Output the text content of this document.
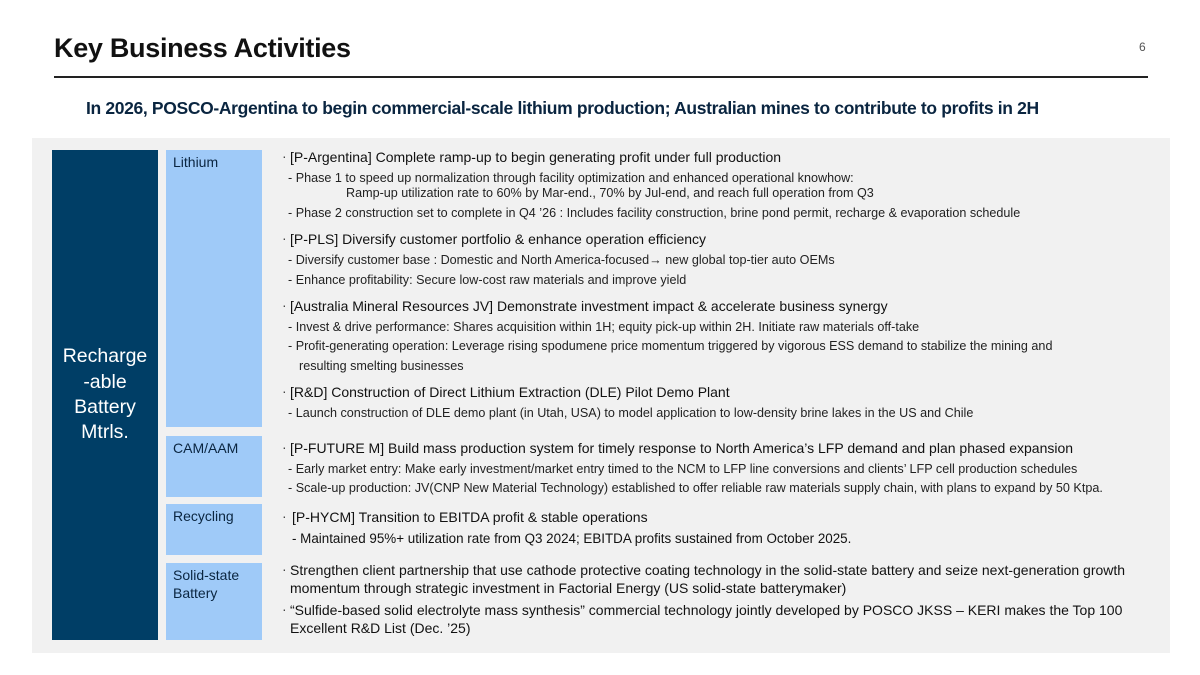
Key Business Activities	6
In 2026, POSCO-Argentina to begin commercial-scale lithium production; Australian mines to contribute to profits in 2H
Recharge
-able
Battery
Mtrls.
Lithium
CAM/AAM
Recycling
Solid-state
Battery
· [P-Argentina] Complete ramp-up to begin generating profit under full production
- Phase 1 to speed up normalization through facility optimization and enhanced operational knowhow:
Ramp-up utilization rate to 60% by Mar-end., 70% by Jul-end, and reach full operation from Q3
- Phase 2 construction set to complete in Q4 ’26 : Includes facility construction, brine pond permit, recharge & evaporation schedule
· [P-PLS] Diversify customer portfolio & enhance operation efficiency
- Diversify customer base : Domestic and North America-focused→ new global top-tier auto OEMs
- Enhance profitability: Secure low-cost raw materials and improve yield
· [Australia Mineral Resources JV] Demonstrate investment impact & accelerate business synergy
- Invest & drive performance: Shares acquisition within 1H; equity pick-up within 2H. Initiate raw materials off-take
- Profit-generating operation: Leverage rising spodumene price momentum triggered by vigorous ESS demand to stabilize the mining and
resulting smelting businesses
· [R&D] Construction of Direct Lithium Extraction (DLE) Pilot Demo Plant
- Launch construction of DLE demo plant (in Utah, USA) to model application to low-density brine lakes in the US and Chile
· [P-FUTURE M] Build mass production system for timely response to North America’s LFP demand and plan phased expansion
- Early market entry: Make early investment/market entry timed to the NCM to LFP line conversions and clients’ LFP cell production schedules
- Scale-up production: JV(CNP New Material Technology) established to offer reliable raw materials supply chain, with plans to expand by 50 Ktpa.
· [P-HYCM] Transition to EBITDA profit & stable operations
- Maintained 95%+ utilization rate from Q3 2024; EBITDA profits sustained from October 2025.
· Strengthen client partnership that use cathode protective coating technology in the solid-state battery and seize next-generation growth
momentum through strategic investment in Factorial Energy (US solid-state batterymaker)
· “Sulfide-based solid electrolyte mass synthesis” commercial technology jointly developed by POSCO JKSS – KERI makes the Top 100
Excellent R&D List (Dec. ’25)
